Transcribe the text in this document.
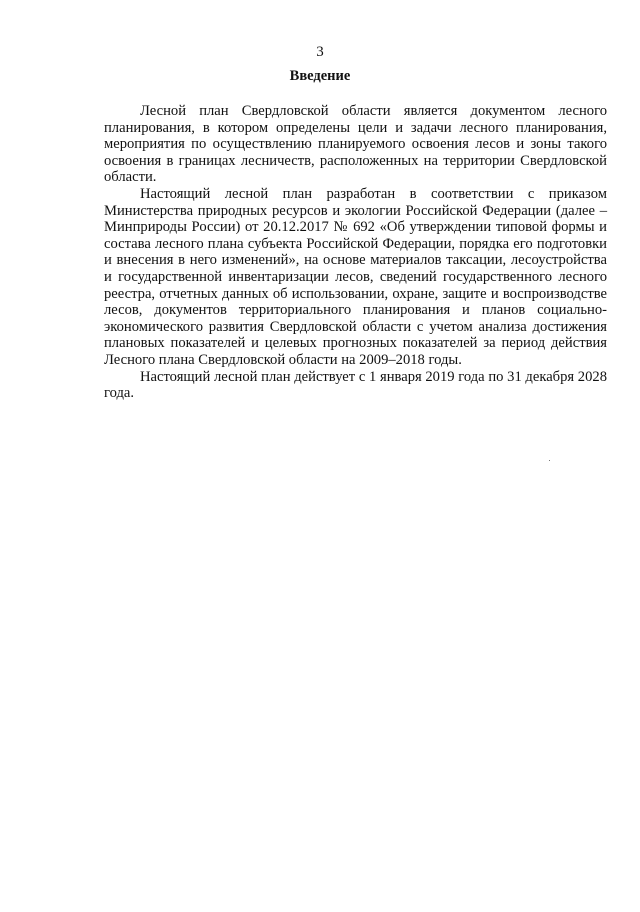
3
Введение

Лесной план Свердловской области является документом лесного планирования, в котором определены цели и задачи лесного планирования, мероприятия по осуществлению планируемого освоения лесов и зоны такого освоения в границах лесничеств, расположенных на территории Свердловской области.

Настоящий лесной план разработан в соответствии с приказом Министерства природных ресурсов и экологии Российской Федерации (далее – Минприроды России) от 20.12.2017 № 692 «Об утверждении типовой формы и состава лесного плана субъекта Российской Федерации, порядка его подготовки и внесения в него изменений», на основе материалов таксации, лесоустройства и государственной инвентаризации лесов, сведений государственного лесного реестра, отчетных данных об использовании, охране, защите и воспроизводстве лесов, документов территориального планирования и планов социально-экономического развития Свердловской области с учетом анализа достижения плановых показателей и целевых прогнозных показателей за период действия Лесного плана Свердловской области на 2009–2018 годы.

Настоящий лесной план действует с 1 января 2019 года по 31 декабря 2028 года.
